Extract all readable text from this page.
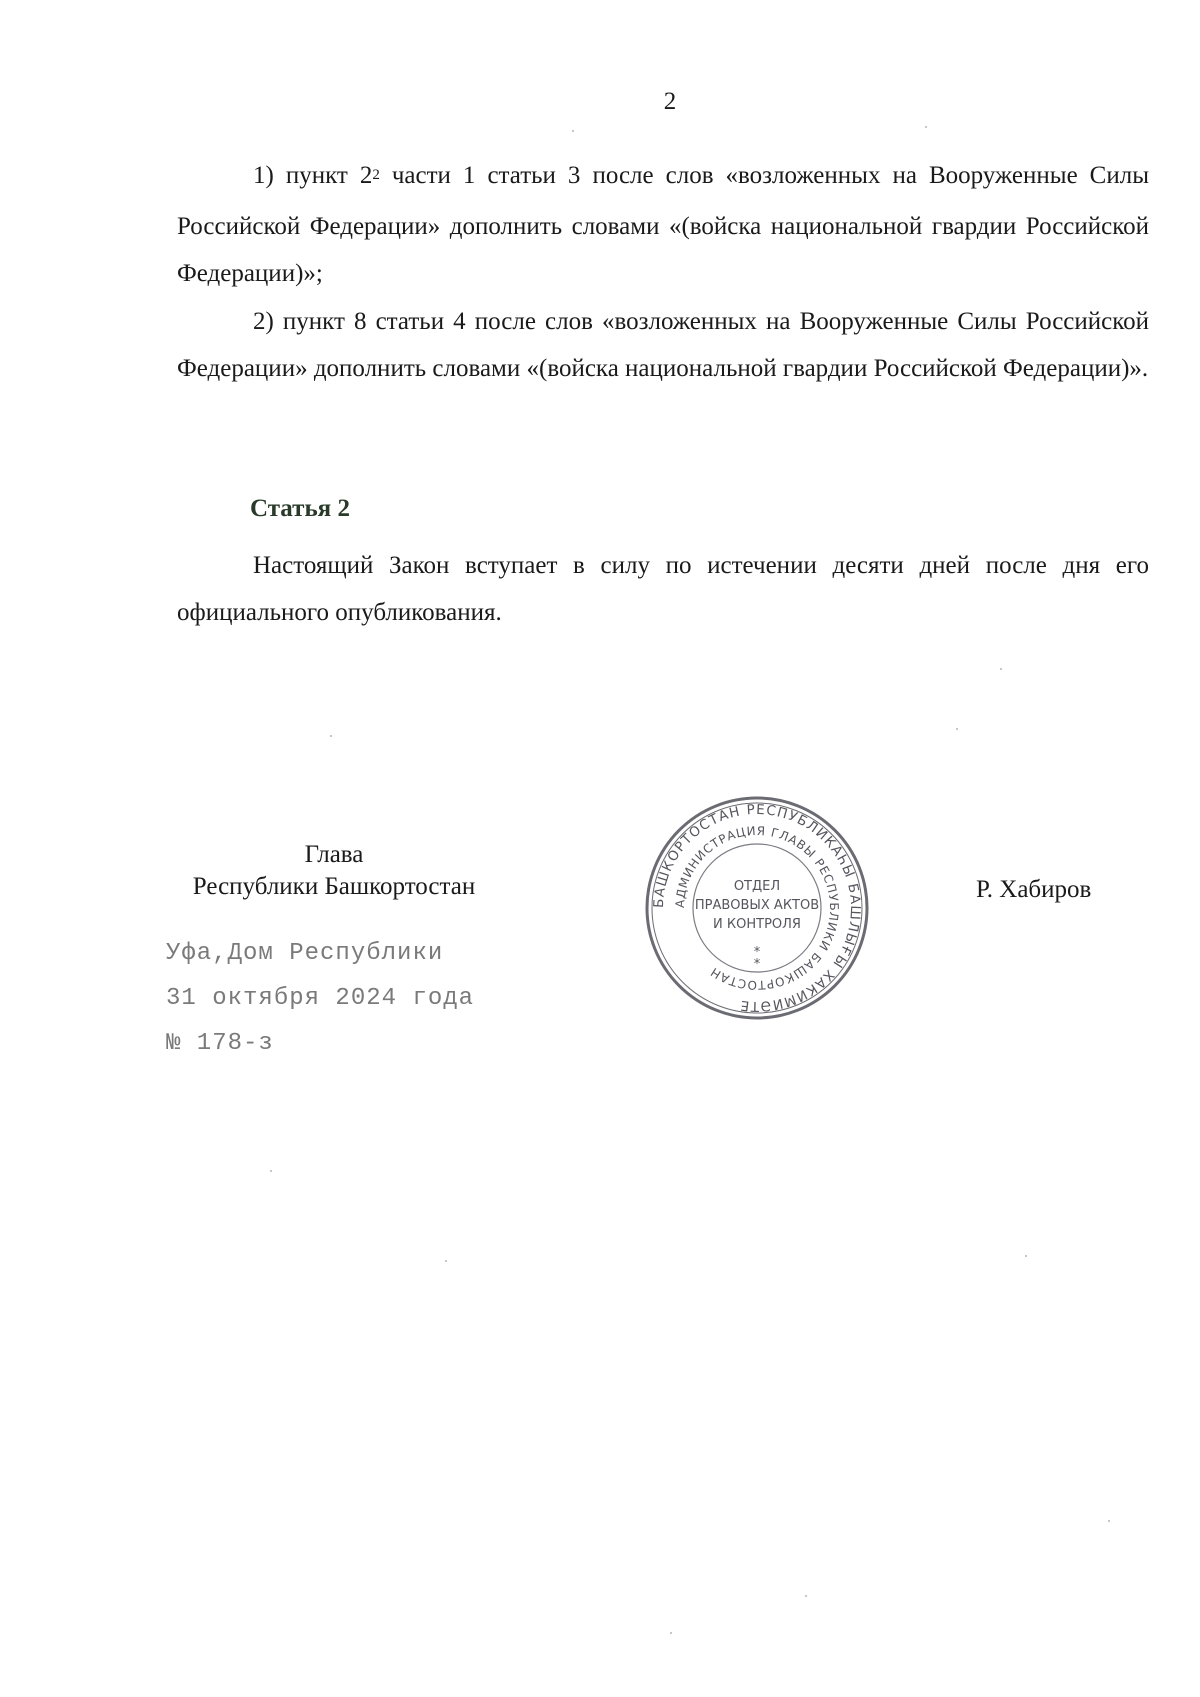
2

1) пункт $2^2$ части 1 статьи 3 после слов «возложенных на Вооруженные Силы Российской Федерации» дополнить словами «(войска национальной гвардии Российской Федерации)»;

2) пункт 8 статьи 4 после слов «возложенных на Вооруженные Силы Российской Федерации» дополнить словами «(войска национальной гвардии Российской Федерации)».

Статья 2

Настоящий Закон вступает в силу по истечении десяти дней после дня его официального опубликования.

Глава
Республики Башкортостан
БАШКОРТОСТАН РЕСПУБЛИКАҺЫ БАШЛЫҒЫ ХАКИМИӘТЕ
АДМИНИСТРАЦИЯ ГЛАВЫ РЕСПУБЛИКИ БАШКОРТОСТАН
ОТДЕЛ
ПРАВОВЫХ АКТОВ
И КОНТРОЛЯ
*
*
Р. Хабиров
Уфа,Дом Республики
31 октября 2024 года
№ 178-з
